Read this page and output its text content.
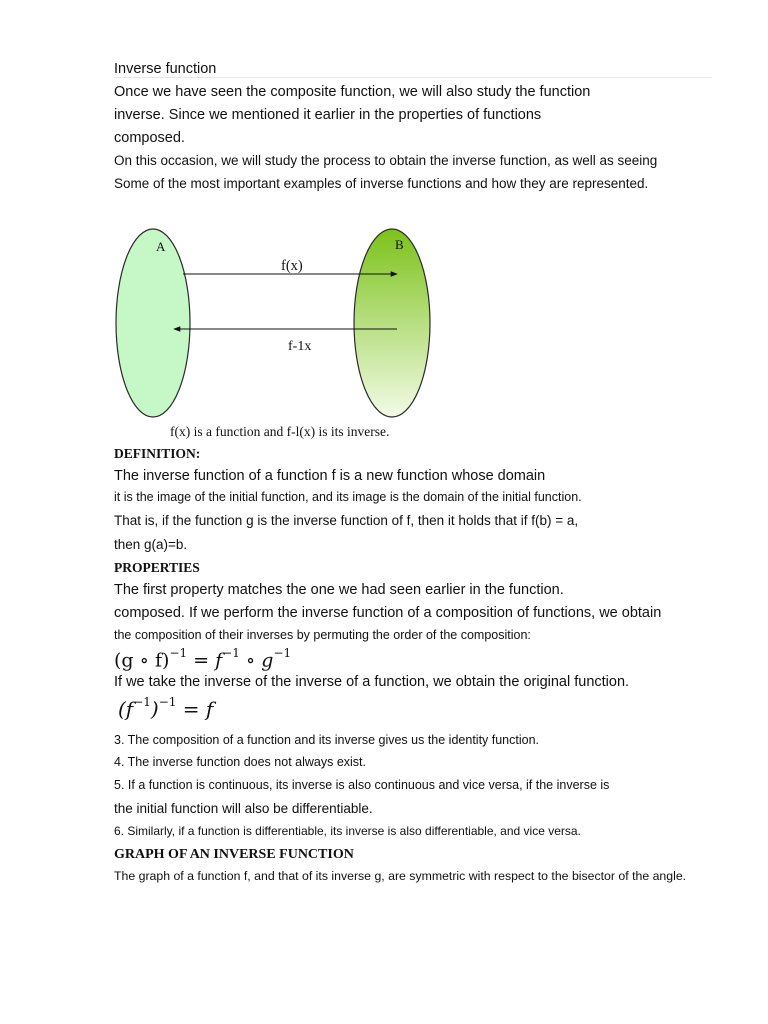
Inverse function
Once we have seen the composite function, we will also study the function
inverse. Since we mentioned it earlier in the properties of functions
composed.
On this occasion, we will study the process to obtain the inverse function, as well as seeing
Some of the most important examples of inverse functions and how they are represented.
A	B
f(x)
f-1x
f(x) is a function and f-l(x) is its inverse.
DEFINITION:
The inverse function of a function f is a new function whose domain
it is the image of the initial function, and its image is the domain of the initial function.
That is, if the function g is the inverse function of f, then it holds that if f(b) = a,
then g(a)=b.
PROPERTIES
The first property matches the one we had seen earlier in the function.
composed. If we perform the inverse function of a composition of functions, we obtain
the composition of their inverses by permuting the order of the composition:
(g ∘ $f)^{-1} = f^{-1}$ ∘ $g^{-1}$
If we take the inverse of the inverse of a function, we obtain the original function.
$(f^{-1})^{-1} = f$
3. The composition of a function and its inverse gives us the identity function.
4. The inverse function does not always exist.
5. If a function is continuous, its inverse is also continuous and vice versa, if the inverse is
the initial function will also be differentiable.
6. Similarly, if a function is differentiable, its inverse is also differentiable, and vice versa.
GRAPH OF AN INVERSE FUNCTION
The graph of a function f, and that of its inverse g, are symmetric with respect to the bisector of the angle.
